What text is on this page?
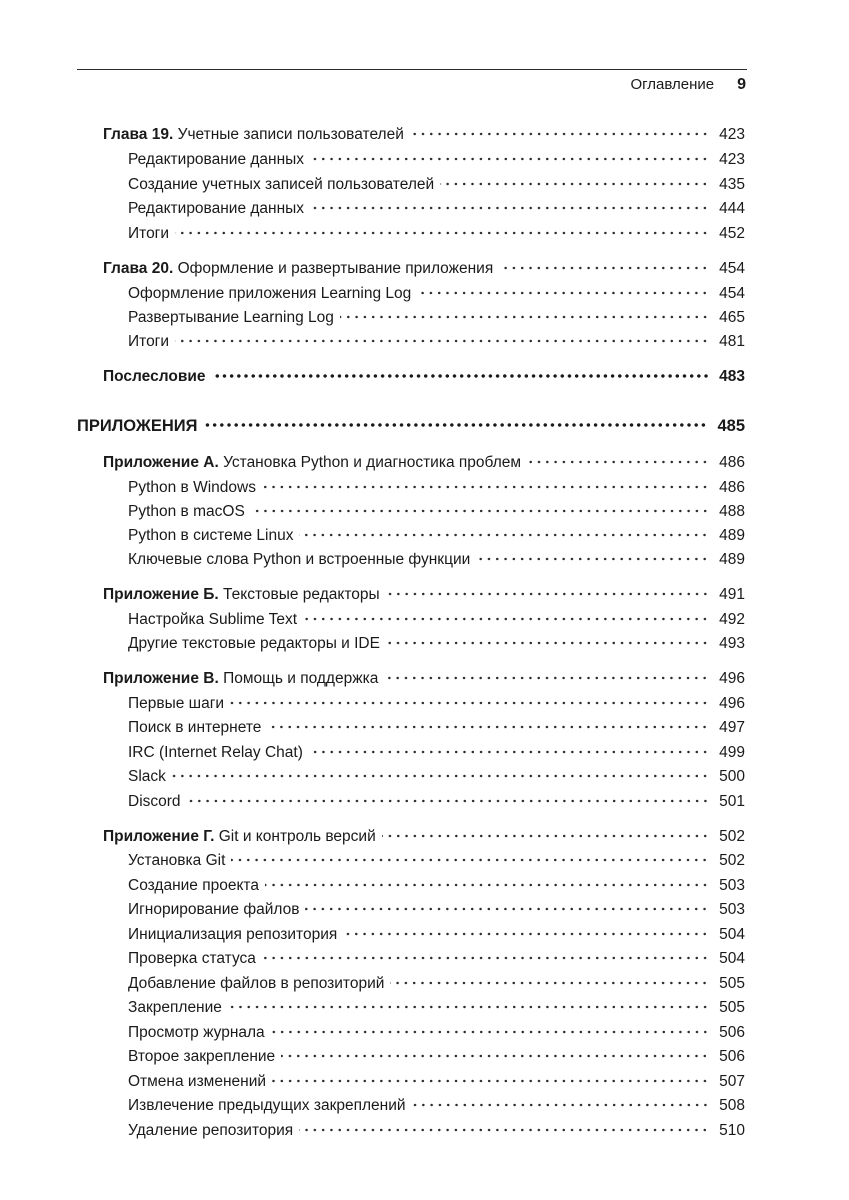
Оглавление 9
Глава 19. Учетные записи пользователей	423
Редактирование данных	423
Создание учетных записей пользователей	435
Редактирование данных	444
Итоги	452
Глава 20. Оформление и развертывание приложения	454
Оформление приложения Learning Log	454
Развертывание Learning Log	465
Итоги	481
Послесловие	483
ПРИЛОЖЕНИЯ	485
Приложение А. Установка Python и диагностика проблем	486
Python в Windows	486
Python в macOS	488
Python в системе Linux	489
Ключевые слова Python и встроенные функции	489
Приложение Б. Текстовые редакторы	491
Настройка Sublime Text	492
Другие текстовые редакторы и IDE	493
Приложение В. Помощь и поддержка	496
Первые шаги	496
Поиск в интернете	497
IRC (Internet Relay Chat)	499
Slack	500
Discord	501
Приложение Г. Git и контроль версий	502
Установка Git	502
Создание проекта	503
Игнорирование файлов	503
Инициализация репозитория	504
Проверка статуса	504
Добавление файлов в репозиторий	505
Закрепление	505
Просмотр журнала	506
Второе закрепление	506
Отмена изменений	507
Извлечение предыдущих закреплений	508
Удаление репозитория	510
